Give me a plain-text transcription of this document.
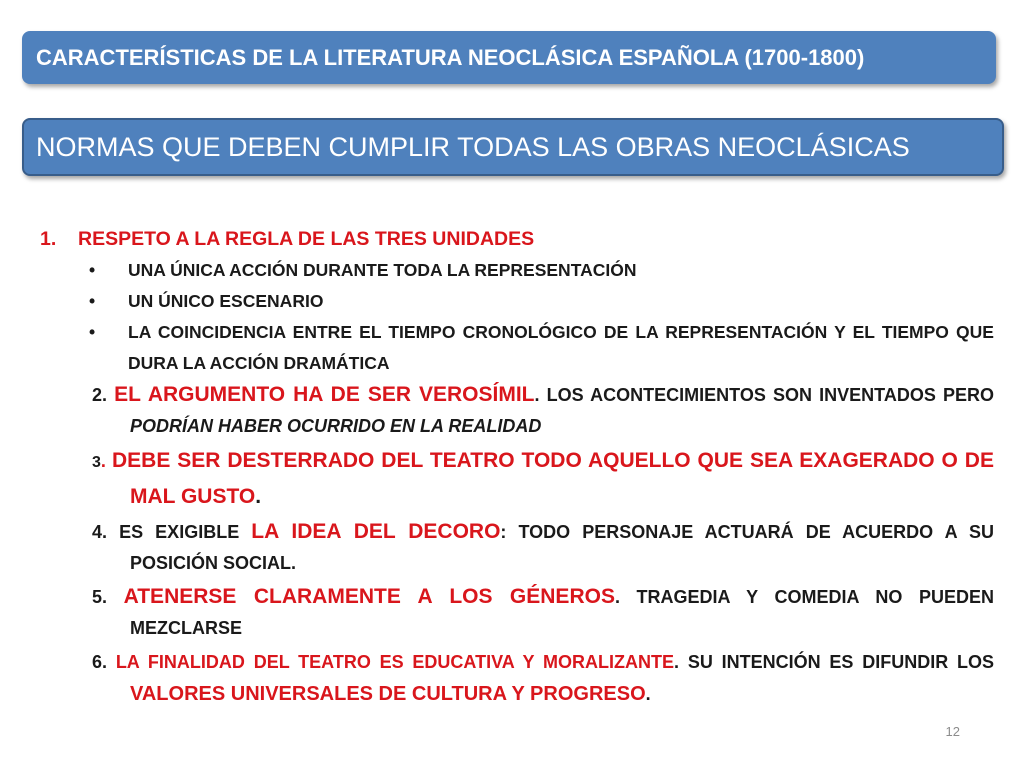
CARACTERÍSTICAS DE LA LITERATURA NEOCLÁSICA ESPAÑOLA (1700-1800)
NORMAS QUE DEBEN CUMPLIR TODAS LAS OBRAS NEOCLÁSICAS
1. RESPETO A LA REGLA DE LAS TRES UNIDADES
• UNA ÚNICA ACCIÓN DURANTE TODA LA REPRESENTACIÓN
• UN ÚNICO ESCENARIO
• LA COINCIDENCIA ENTRE EL TIEMPO CRONOLÓGICO DE LA REPRESENTACIÓN Y EL TIEMPO QUE DURA LA ACCIÓN DRAMÁTICA
2. EL ARGUMENTO HA DE SER VEROSÍMIL. LOS ACONTECIMIENTOS SON INVENTADOS PERO PODRÍAN HABER OCURRIDO EN LA REALIDAD
3. DEBE SER DESTERRADO DEL TEATRO TODO AQUELLO QUE SEA EXAGERADO O DE MAL GUSTO.
4. ES EXIGIBLE LA IDEA DEL DECORO: TODO PERSONAJE ACTUARÁ DE ACUERDO A SU POSICIÓN SOCIAL.
5. ATENERSE CLARAMENTE A LOS GÉNEROS. TRAGEDIA Y COMEDIA NO PUEDEN MEZCLARSE
6. LA FINALIDAD DEL TEATRO ES EDUCATIVA Y MORALIZANTE. SU INTENCIÓN ES DIFUNDIR LOS VALORES UNIVERSALES DE CULTURA Y PROGRESO.
12
